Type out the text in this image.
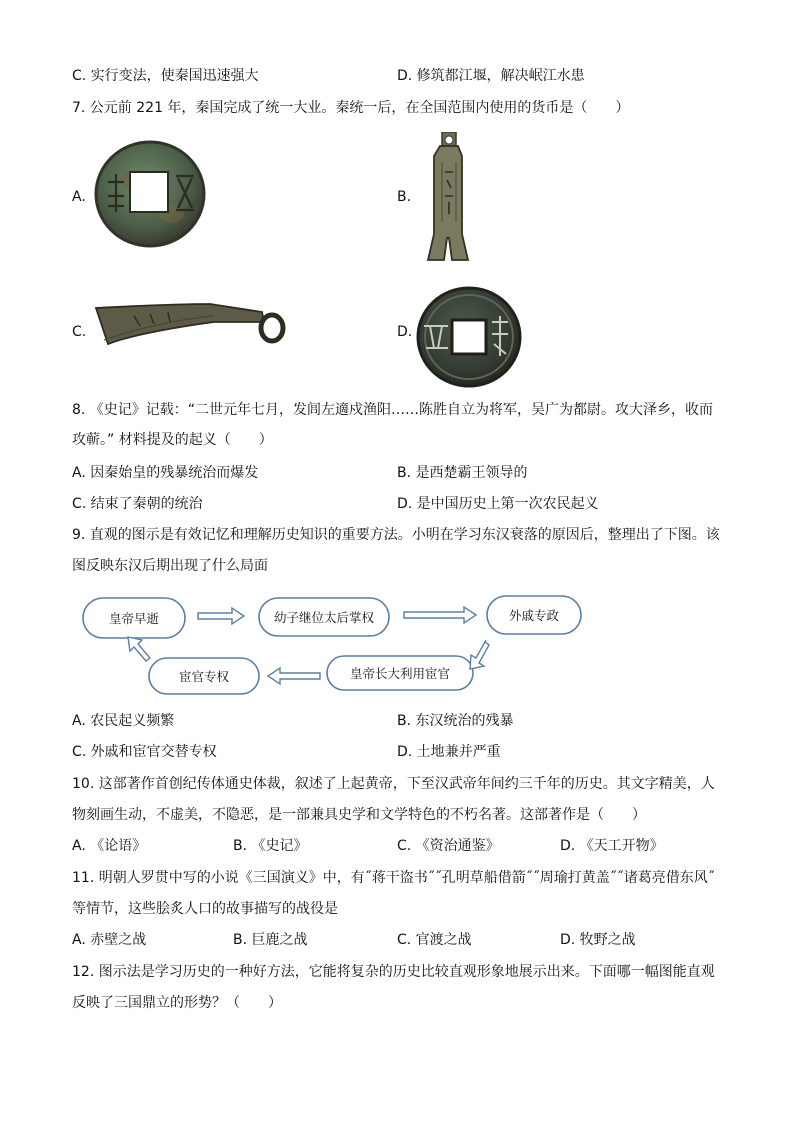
C. 实行变法，使秦国迅速强大	D. 修筑都江堰，解决岷江水患
7. 公元前 221 年，秦国完成了统一大业。秦统一后，在全国范围内使用的货币是（　　）
A.	B.
C.	D.
8. 《史记》记载：“二世元年七月，发闾左適戍渔阳……陈胜自立为将军，吴广为都尉。攻大泽乡，收而
攻蕲。” 材料提及的起义（　　）
A. 因秦始皇的残暴统治而爆发	B. 是西楚霸王领导的
C. 结束了秦朝的统治	D. 是中国历史上第一次农民起义
9. 直观的图示是有效记忆和理解历史知识的重要方法。小明在学习东汉衰落的原因后，整理出了下图。该
图反映东汉后期出现了什么局面
皇帝早逝	幼子继位太后掌权	外戚专政
皇帝长大利用宦官
宦官专权
A. 农民起义频繁	B. 东汉统治的残暴
C. 外戚和宦官交替专权	D. 土地兼并严重
10. 这部著作首创纪传体通史体裁，叙述了上起黄帝，下至汉武帝年间约三千年的历史。其文字精美，人
物刻画生动，不虚美，不隐恶，是一部兼具史学和文学特色的不朽名著。这部著作是（　　）
A. 《论语》	B. 《史记》	C. 《资治通鉴》	D. 《天工开物》
11. 明朝人罗贯中写的小说《三国演义》中，有˝蒋干盗书˝˝孔明草船借箭˝˝周瑜打黄盖˝˝诸葛亮借东风˝
等情节，这些脍炙人口的故事描写的战役是
A. 赤壁之战	B. 巨鹿之战	C. 官渡之战	D. 牧野之战
12. 图示法是学习历史的一种好方法，它能将复杂的历史比较直观形象地展示出来。下面哪一幅图能直观
反映了三国鼎立的形势？（　　）
